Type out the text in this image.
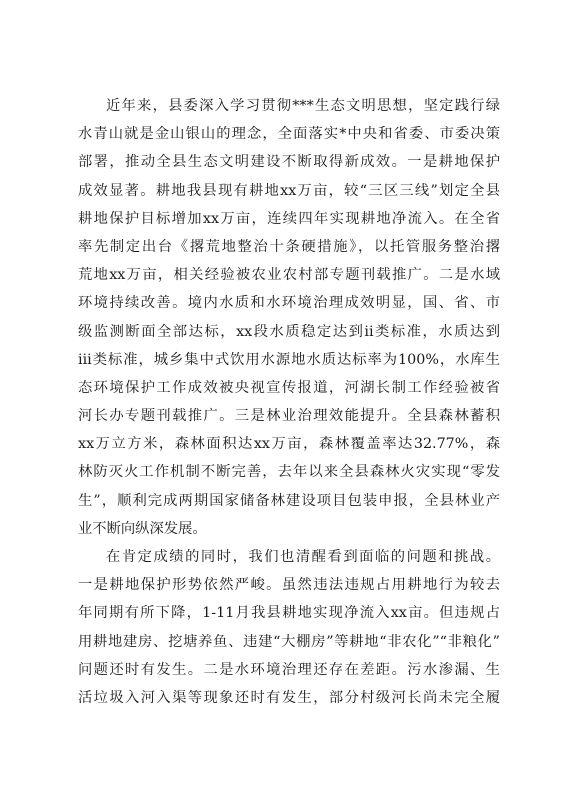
近年来，县委深入学习贯彻***生态文明思想，坚定践行绿
水青山就是金山银山的理念，全面落实*中央和省委、市委决策
部署，推动全县生态文明建设不断取得新成效。一是耕地保护
成效显著。耕地我县现有耕地xx万亩，较“三区三线”划定全县
耕地保护目标增加xx万亩，连续四年实现耕地净流入。在全省
率先制定出台《撂荒地整治十条硬措施》，以托管服务整治撂
荒地xx万亩，相关经验被农业农村部专题刊载推广。二是水域
环境持续改善。境内水质和水环境治理成效明显，国、省、市
级监测断面全部达标，xx段水质稳定达到ii类标准，水质达到
iii类标准，城乡集中式饮用水源地水质达标率为100%，水库生
态环境保护工作成效被央视宣传报道，河湖长制工作经验被省
河长办专题刊载推广。三是林业治理效能提升。全县森林蓄积
xx万立方米，森林面积达xx万亩，森林覆盖率达32.77%，森
林防灭火工作机制不断完善，去年以来全县森林火灾实现“零发
生”，顺利完成两期国家储备林建设项目包装申报，全县林业产
业不断向纵深发展。
在肯定成绩的同时，我们也清醒看到面临的问题和挑战。
一是耕地保护形势依然严峻。虽然违法违规占用耕地行为较去
年同期有所下降，1-11月我县耕地实现净流入xx亩。但违规占
用耕地建房、挖塘养鱼、违建“大棚房”等耕地“非农化”“非粮化”
问题还时有发生。二是水环境治理还存在差距。污水渗漏、生
活垃圾入河入渠等现象还时有发生，部分村级河长尚未完全履
